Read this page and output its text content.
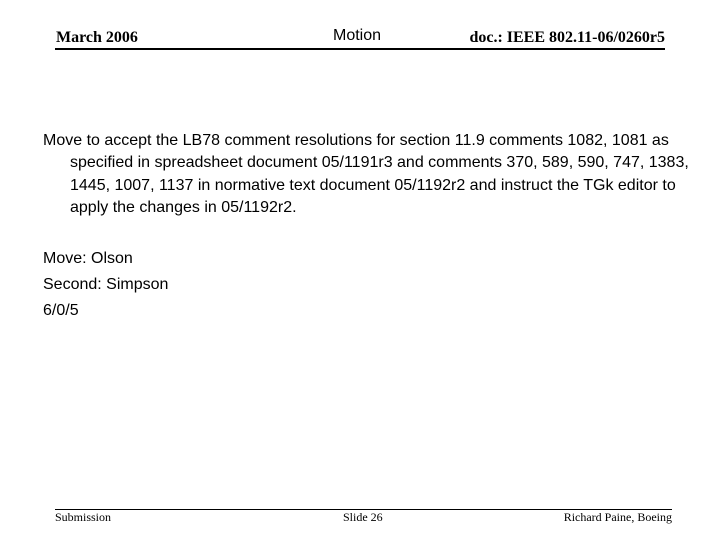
March 2006	Motion	doc.: IEEE 802.11-06/0260r5

Move to accept the LB78 comment resolutions for section 11.9 comments 1082, 1081 as specified in spreadsheet document 05/1191r3 and comments 370, 589, 590, 747, 1383, 1445, 1007, 1137 in normative text document 05/1192r2 and instruct the TGk editor to apply the changes in 05/1192r2.

Move: Olson
Second: Simpson
6/0/5
Submission	Slide 26	Richard Paine, Boeing
